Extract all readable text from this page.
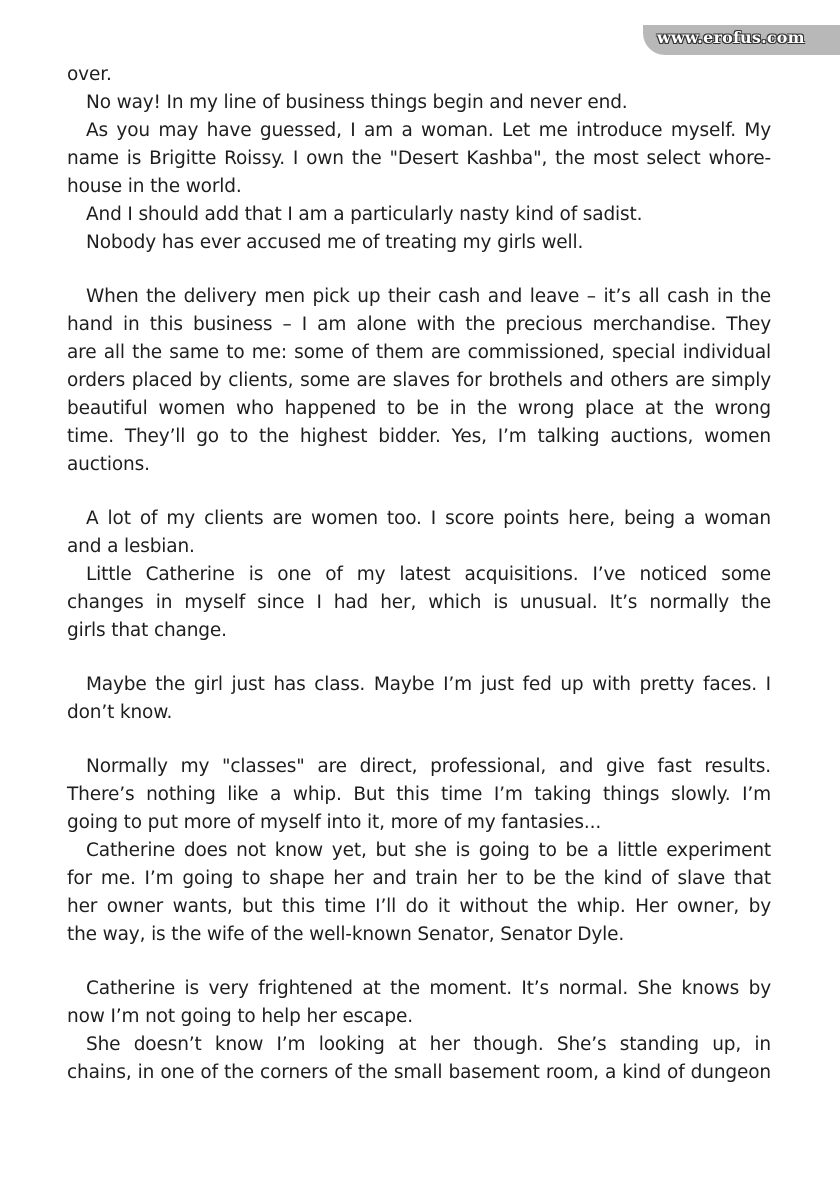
www.erofus.com
over.
No way! In my line of business things begin and never end.
As you may have guessed, I am a woman. Let me introduce myself. My
name is Brigitte Roissy. I own the "Desert Kashba", the most select whore-
house in the world.
And I should add that I am a particularly nasty kind of sadist.
Nobody has ever accused me of treating my girls well.
When the delivery men pick up their cash and leave – it’s all cash in the
hand in this business – I am alone with the precious merchandise. They
are all the same to me: some of them are commissioned, special individual
orders placed by clients, some are slaves for brothels and others are simply
beautiful women who happened to be in the wrong place at the wrong
time. They’ll go to the highest bidder. Yes, I’m talking auctions, women
auctions.
A lot of my clients are women too. I score points here, being a woman
and a lesbian.
Little Catherine is one of my latest acquisitions. I’ve noticed some
changes in myself since I had her, which is unusual. It’s normally the
girls that change.
Maybe the girl just has class. Maybe I’m just fed up with pretty faces. I
don’t know.
Normally my "classes" are direct, professional, and give fast results.
There’s nothing like a whip. But this time I’m taking things slowly. I’m
going to put more of myself into it, more of my fantasies...
Catherine does not know yet, but she is going to be a little experiment
for me. I’m going to shape her and train her to be the kind of slave that
her owner wants, but this time I’ll do it without the whip. Her owner, by
the way, is the wife of the well-known Senator, Senator Dyle.
Catherine is very frightened at the moment. It’s normal. She knows by
now I’m not going to help her escape.
She doesn’t know I’m looking at her though. She’s standing up, in
chains, in one of the corners of the small basement room, a kind of dungeon
